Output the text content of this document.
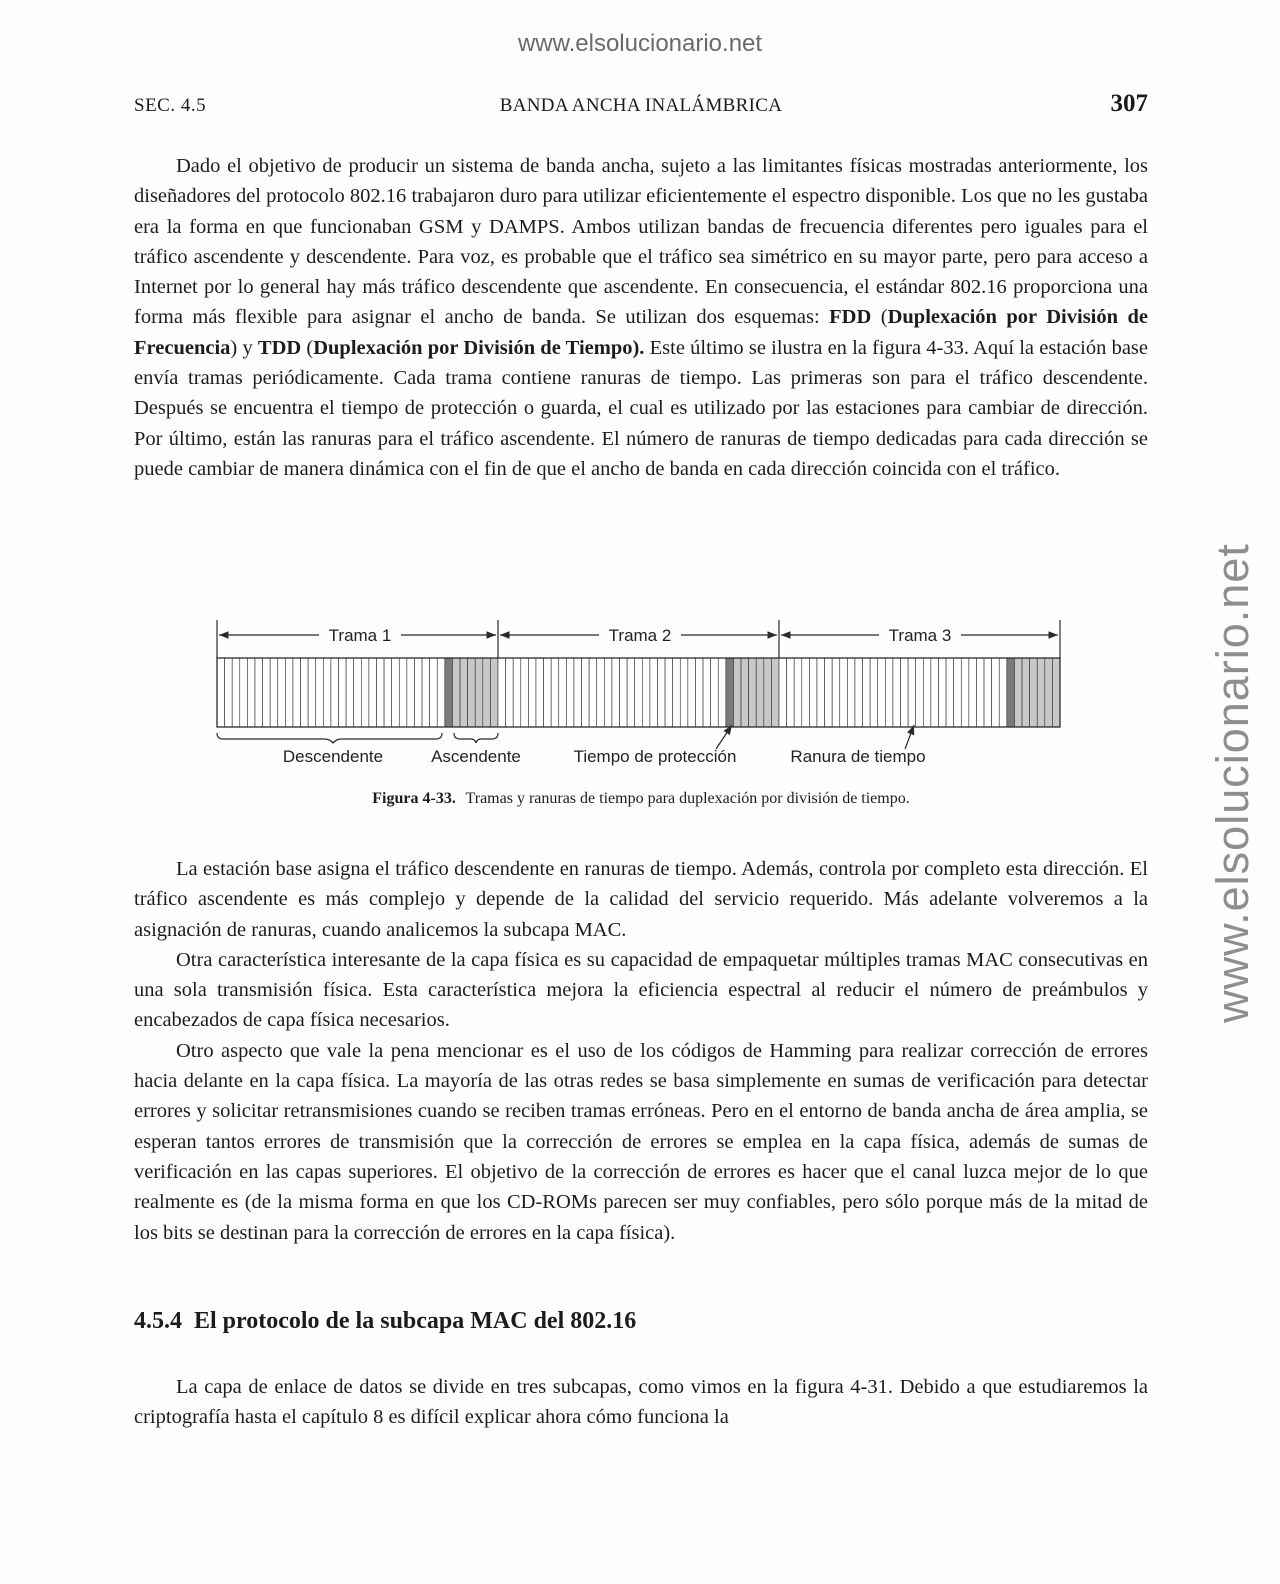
www.elsolucionario.net
www.elsolucionario.net
SEC. 4.5	BANDA ANCHA INALÁMBRICA	307

Dado el objetivo de producir un sistema de banda ancha, sujeto a las limitantes físicas mostradas anteriormente, los diseñadores del protocolo 802.16 trabajaron duro para utilizar eficientemente el espectro disponible. Los que no les gustaba era la forma en que funcionaban GSM y DAMPS. Ambos utilizan bandas de frecuencia diferentes pero iguales para el tráfico ascendente y descendente. Para voz, es probable que el tráfico sea simétrico en su mayor parte, pero para acceso a Internet por lo general hay más tráfico descendente que ascendente. En consecuencia, el estándar 802.16 proporciona una forma más flexible para asignar el ancho de banda. Se utilizan dos esquemas: FDD (Duplexación por División de Frecuencia) y TDD (Duplexación por División de Tiempo). Este último se ilustra en la figura 4-33. Aquí la estación base envía tramas periódicamente. Cada trama contiene ranuras de tiempo. Las primeras son para el tráfico descendente. Después se encuentra el tiempo de protección o guarda, el cual es utilizado por las estaciones para cambiar de dirección. Por último, están las ranuras para el tráfico ascendente. El número de ranuras de tiempo dedicadas para cada dirección se puede cambiar de manera dinámica con el fin de que el ancho de banda en cada dirección coincida con el tráfico.

Trama 1	Trama 2	Trama 3
Descendente	Ascendente	Tiempo de protección	Ranura de tiempo
Figura 4-33. Tramas y ranuras de tiempo para duplexación por división de tiempo.

La estación base asigna el tráfico descendente en ranuras de tiempo. Además, controla por completo esta dirección. El tráfico ascendente es más complejo y depende de la calidad del servicio requerido. Más adelante volveremos a la asignación de ranuras, cuando analicemos la subcapa MAC.

Otra característica interesante de la capa física es su capacidad de empaquetar múltiples tramas MAC consecutivas en una sola transmisión física. Esta característica mejora la eficiencia espectral al reducir el número de preámbulos y encabezados de capa física necesarios.

Otro aspecto que vale la pena mencionar es el uso de los códigos de Hamming para realizar corrección de errores hacia delante en la capa física. La mayoría de las otras redes se basa simplemente en sumas de verificación para detectar errores y solicitar retransmisiones cuando se reciben tramas erróneas. Pero en el entorno de banda ancha de área amplia, se esperan tantos errores de transmisión que la corrección de errores se emplea en la capa física, además de sumas de verificación en las capas superiores. El objetivo de la corrección de errores es hacer que el canal luzca mejor de lo que realmente es (de la misma forma en que los CD-ROMs parecen ser muy confiables, pero sólo porque más de la mitad de los bits se destinan para la corrección de errores en la capa física).

4.5.4 El protocolo de la subcapa MAC del 802.16

La capa de enlace de datos se divide en tres subcapas, como vimos en la figura 4-31. Debido a que estudiaremos la criptografía hasta el capítulo 8 es difícil explicar ahora cómo funciona la
